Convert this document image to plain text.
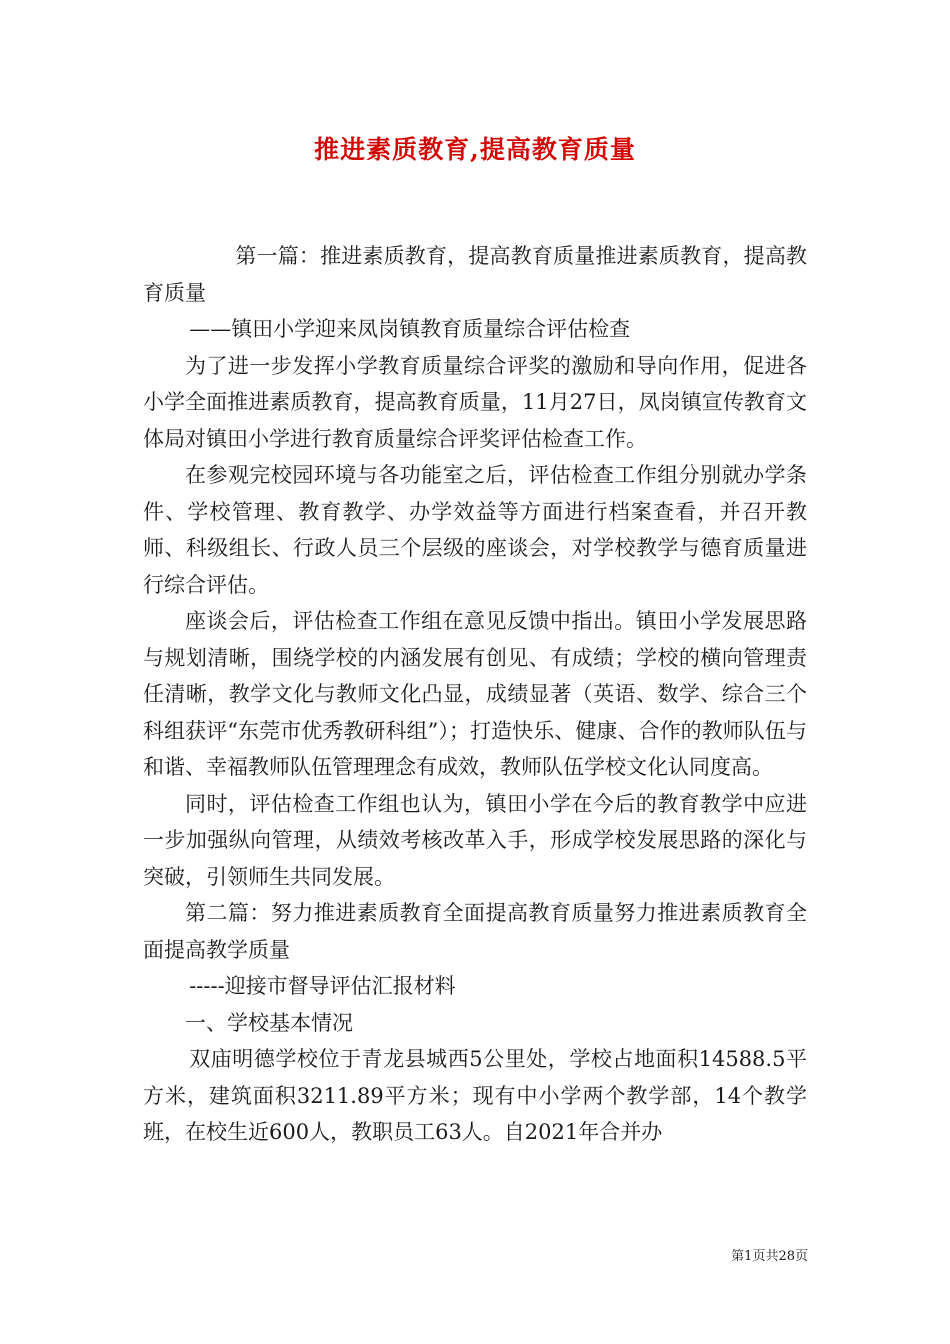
推进素质教育,提高教育质量

第一篇：推进素质教育，提高教育质量推进素质教育，提高教育质量

——镇田小学迎来凤岗镇教育质量综合评估检查

为了进一步发挥小学教育质量综合评奖的激励和导向作用，促进各小学全面推进素质教育，提高教育质量，11月27日，凤岗镇宣传教育文体局对镇田小学进行教育质量综合评奖评估检查工作。

在参观完校园环境与各功能室之后，评估检查工作组分别就办学条件、学校管理、教育教学、办学效益等方面进行档案查看，并召开教师、科级组长、行政人员三个层级的座谈会，对学校教学与德育质量进行综合评估。

座谈会后，评估检查工作组在意见反馈中指出。镇田小学发展思路与规划清晰，围绕学校的内涵发展有创见、有成绩；学校的横向管理责任清晰，教学文化与教师文化凸显，成绩显著（英语、数学、综合三个科组获评“东莞市优秀教研科组”）；打造快乐、健康、合作的教师队伍与和谐、幸福教师队伍管理理念有成效，教师队伍学校文化认同度高。

同时，评估检查工作组也认为，镇田小学在今后的教育教学中应进一步加强纵向管理，从绩效考核改革入手，形成学校发展思路的深化与突破，引领师生共同发展。

第二篇：努力推进素质教育全面提高教育质量努力推进素质教育全面提高教学质量

-----迎接市督导评估汇报材料

一、学校基本情况

双庙明德学校位于青龙县城西5公里处，学校占地面积14588.5平方米，建筑面积3211.89平方米；现有中小学两个教学部，14个教学班，在校生近600人，教职员工63人。自2021年合并办

第1页共28页
